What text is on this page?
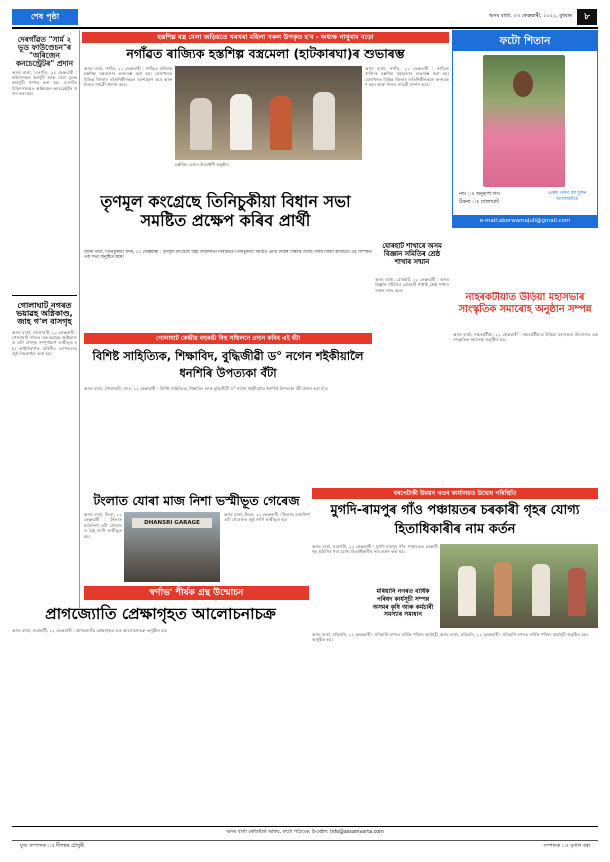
শেষ পৃষ্ঠা	অসম বাৰ্তা, ২৩ ফেব্ৰুৱাৰী, ২০২২, বুধবাৰ	৮
দেৰগাঁৱত "সাৰ্ম ২ ভূড ফাউণ্ডেচন"ৰ "অৰিজেন কনচেন্ট্ৰেটৰ" প্ৰদান
অসম বাৰ্তা, দেৰগাঁও, ২২ ফেব্ৰুৱাৰী : মহিলাসকল কৰ্মসূচী আৰু সেৱা মূলক কাৰ্যসূচী সম্পন্ন কৰা হয়। দেৰগাঁও চিকিৎসালয়ত অক্সিজেন কনচেন্ট্ৰেটৰ প্ৰদান কৰা হয়।
গোলাঘাট নগৰত ভয়াৱহ অগ্নিকাণ্ড, জাহ গ'ল বাসগৃহ
অসম বাৰ্তা, গোলাঘাট, ২২ ফেব্ৰুৱাৰী : গোলাঘাট নগৰত এক ভয়াৱহ অগ্নিকাণ্ডত এটা বাসগৃহ সম্পূৰ্ণৰূপে ভস্মীভূত হয়। অগ্নিনিৰ্বাপক বাহিনীৰ তৎপৰতাত জুই নিয়ন্ত্ৰণলৈ অনা হয়।
হস্তশিল্প বস্ত্ৰ মেলা জড়িয়তে খৰখৰা মহিলা সকল উপকৃত হ'ব - অধ্যক্ষ নাথুৰাম বড়ো
নগাঁৱত ৰাজ্যিক হস্তশিল্প বস্ত্ৰমেলা (হাটকাৰঘা)ৰ শুভাৰম্ভ
অসম বাৰ্তা, নগাঁও, ২২ ফেব্ৰুৱাৰী : নগাঁৱত ৰাজ্যিক হস্তশিল্প বস্ত্ৰমেলাৰ শুভাৰম্ভ কৰা হয়। মেলাখনত বিভিন্ন জিলাৰ তাঁতশিল্পীসকলে অংশগ্ৰহণ কৰে আৰু নিজৰ সামগ্ৰী প্ৰদৰ্শন কৰে।
হস্তশিল্প মেলাৰ উদ্বোধনী অনুষ্ঠান
অসম বাৰ্তা, নগাঁও, ২২ ফেব্ৰুৱাৰী : নগাঁৱত ৰাজ্যিক হস্তশিল্প বস্ত্ৰমেলাৰ শুভাৰম্ভ কৰা হয়। মেলাখনত বিভিন্ন জিলাৰ তাঁতশিল্পীসকলে অংশগ্ৰহণ কৰে আৰু নিজৰ সামগ্ৰী প্ৰদৰ্শন কৰে।
ফটো শিতান
নাম ঃ অনুৰূপা দাস
ঠিকনা ঃ গোলাঘাট
প্ৰেৰক তৰুণ বৰ ফুকন আলোকচিত্ৰ
e-mail:aborwamajuli@gmail.com
তৃণমূল কংগ্ৰেছে তিনিচুকীয়া বিধান সভা সমষ্টিত প্ৰক্ষেপ কৰিব প্ৰাৰ্থী
অসম বাৰ্তা, তিনিচুকীয়া সদৰ, ২২ ফেব্ৰুৱাৰী : তৃণমূল কংগ্ৰেছে অহা বিধানসভা নিৰ্বাচনত তিনিচুকীয়া সমষ্টিত প্ৰাৰ্থী দিয়াৰ সিদ্ধান্ত লৈছে। দলৰ জিলা কমিটিয়ে এই সম্পৰ্কত এক সভা অনুষ্ঠিত কৰে।
যোৰহাট শাখাৰে অসম বিজ্ঞান সমিতিৰ শ্ৰেষ্ঠ শাখাৰ সন্মান
অসম বাৰ্তা, যোৰহাট, ২২ ফেব্ৰুৱাৰী : অসম বিজ্ঞান সমিতিৰ যোৰহাট শাখাই শ্ৰেষ্ঠ শাখাৰ সন্মান লাভ কৰে।
নাহৰকটীয়াত উড়িয়া মহাসভাৰ সাংস্কৃতিক সমাৰোহ অনুষ্ঠান সম্পন্ন
অসম বাৰ্তা, নাহৰকটীয়া, ২২ ফেব্ৰুৱাৰী : নাহৰকটীয়াত উড়িয়া মহাসভাৰ উদ্যোগত এক সাংস্কৃতিক সমাৰোহ অনুষ্ঠিত হয়।
গোলাঘাট কেন্দ্ৰীয় বহুৰঙী বিহু সন্মিলনে প্ৰদান কৰিব এই বঁটা
বিশিষ্ট সাহিত্যিক, শিক্ষাবিদ, বুদ্ধিজীৱী ড° নগেন শইকীয়ালৈ ধনশিৰি উপত্যকা বঁটা
অসম বাৰ্তা, গোলাঘাট, সদৰ, ২২ ফেব্ৰুৱাৰী : বিশিষ্ট সাহিত্যিক, শিক্ষাবিদ আৰু বুদ্ধিজীৱী ড° নগেন শইকীয়ালৈ ধনশিৰি উপত্যকা বঁটা প্ৰদান কৰা হ'ব।
টংলাত যোৰা মাজ নিশা ভস্মীভূত গেৰেজ
অসম বাৰ্তা, টংলা, ২২ ফেব্ৰুৱাৰী : টংলাত মাজনিশা এটা গেৰেজত জুই লাগি ভস্মীভূত হয়।
DHANSRI GARAGE
অসম বাৰ্তা, টংলা, ২২ ফেব্ৰুৱাৰী : টংলাত মাজনিশা এটা গেৰেজত জুই লাগি ভস্মীভূত হয়।
বৰপেটাকী উন্নয়ন খণ্ডৰ কাৰ্যালয়ত উদ্বোধ পৰিস্থিতি
মুগদি-ৰামপুৰ গাঁও পঞ্চায়তৰ চৰকাৰী গৃহৰ যোগ্য হিতাধিকাৰীৰ নাম কৰ্তন
অসম বাৰ্তা, বৰপেটা, ২২ ফেব্ৰুৱাৰী : মুগদি-ৰামপুৰ গাঁও পঞ্চায়তত চৰকাৰী গৃহ আঁচনিৰ পৰা যোগ্য হিতাধিকাৰীৰ নাম কৰ্তন কৰা হয়।
মৰিয়ানি নগৰত বাৰ্ষিক পৰিষদ কাৰ্যসূচী সম্পন্ন অসমৰ কৃষি আৰু কৰ্মচাৰী সমস্যাৰ সমাধান
অসম বাৰ্তা, মৰিয়ানি, ২২ ফেব্ৰুৱাৰী : মৰিয়ানি নগৰত বাৰ্ষিক পৰিষদ কাৰ্যসূচী অনুষ্ঠিত হয়।
অসম বাৰ্তা, মৰিয়ানি, ২২ ফেব্ৰুৱাৰী : মৰিয়ানি নগৰত বাৰ্ষিক পৰিষদ কাৰ্যসূচী অনুষ্ঠিত হয়।
স্বৰ্ণাভ' শীৰ্ষক গ্ৰন্থ উন্মোচন
প্ৰাগজ্যোতি প্ৰেক্ষাগৃহত আলোচনাচক্ৰ
অসম বাৰ্তা, গুৱাহাটী, ২২ ফেব্ৰুৱাৰী : প্ৰাগজ্যোতি প্ৰেক্ষাগৃহত এক আলোচনাচক্ৰ অনুষ্ঠিত হয়।
অসম বাৰ্তা ৰেজিষ্টাৰ্ড অফিচ, ফটো পাঠাওক, ই-মেইল: info@assamvarta.com
মুখ্য সম্পাদক ঃ দীপঙ্কৰ চৌধুৰী	সম্পাদক ঃ মৃণাল বৰা
